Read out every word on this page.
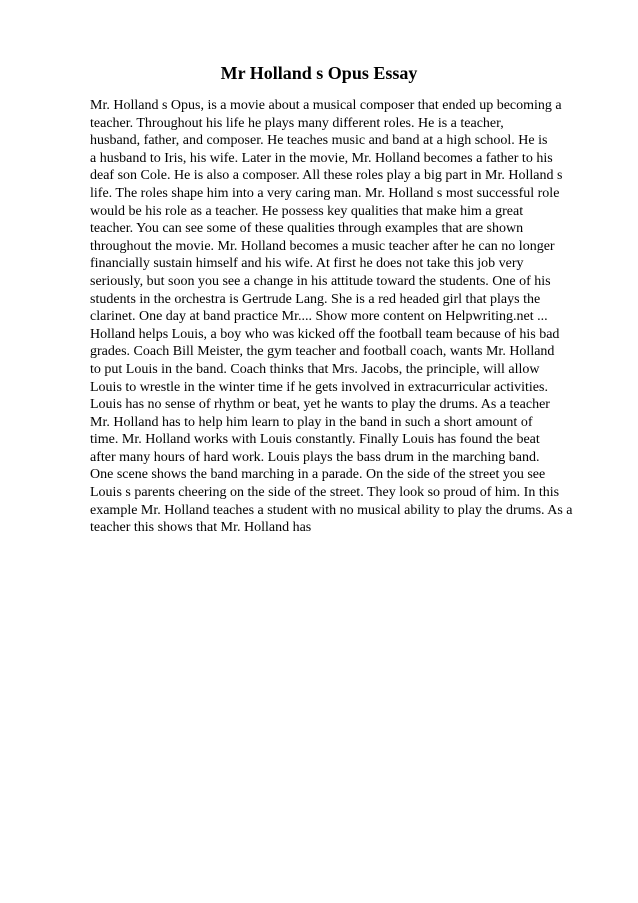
Mr Holland s Opus Essay
Mr. Holland s Opus, is a movie about a musical composer that ended up becoming a
teacher. Throughout his life he plays many different roles. He is a teacher,
husband, father, and composer. He teaches music and band at a high school. He is
a husband to Iris, his wife. Later in the movie, Mr. Holland becomes a father to his
deaf son Cole. He is also a composer. All these roles play a big part in Mr. Holland s
life. The roles shape him into a very caring man. Mr. Holland s most successful role
would be his role as a teacher. He possess key qualities that make him a great
teacher. You can see some of these qualities through examples that are shown
throughout the movie. Mr. Holland becomes a music teacher after he can no longer
financially sustain himself and his wife. At first he does not take this job very
seriously, but soon you see a change in his attitude toward the students. One of his
students in the orchestra is Gertrude Lang. She is a red headed girl that plays the
clarinet. One day at band practice Mr.... Show more content on Helpwriting.net ...
Holland helps Louis, a boy who was kicked off the football team because of his bad
grades. Coach Bill Meister, the gym teacher and football coach, wants Mr. Holland
to put Louis in the band. Coach thinks that Mrs. Jacobs, the principle, will allow
Louis to wrestle in the winter time if he gets involved in extracurricular activities.
Louis has no sense of rhythm or beat, yet he wants to play the drums. As a teacher
Mr. Holland has to help him learn to play in the band in such a short amount of
time. Mr. Holland works with Louis constantly. Finally Louis has found the beat
after many hours of hard work. Louis plays the bass drum in the marching band.
One scene shows the band marching in a parade. On the side of the street you see
Louis s parents cheering on the side of the street. They look so proud of him. In this
example Mr. Holland teaches a student with no musical ability to play the drums. As a
teacher this shows that Mr. Holland has
